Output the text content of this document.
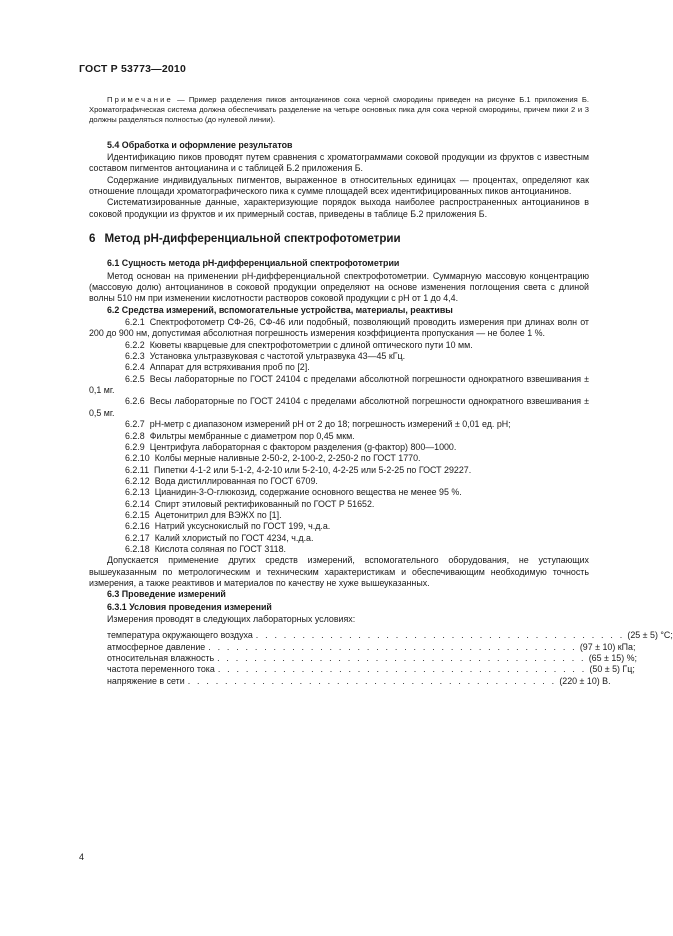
ГОСТ Р 53773—2010

Примечание — Пример разделения пиков антоцианинов сока черной смородины приведен на рисунке Б.1 приложения Б. Хроматографическая система должна обеспечивать разделение на четыре основных пика для сока черной смородины, причем пики 2 и 3 должны разделяться полностью (до нулевой линии).

5.4 Обработка и оформление результатов

Идентификацию пиков проводят путем сравнения с хроматограммами соковой продукции из фруктов с известным составом пигментов антоцианина и с таблицей Б.2 приложения Б.

Содержание индивидуальных пигментов, выраженное в относительных единицах — процентах, определяют как отношение площади хроматографического пика к сумме площадей всех идентифицированных пиков антоцианинов.

Систематизированные данные, характеризующие порядок выхода наиболее распространенных антоцианинов в соковой продукции из фруктов и их примерный состав, приведены в таблице Б.2 приложения Б.

6 Метод рН-дифференциальной спектрофотометрии
6.1 Сущность метода рН-дифференциальной спектрофотометрии

Метод основан на применении рН-дифференциальной спектрофотометрии. Суммарную массовую концентрацию (массовую долю) антоцианинов в соковой продукции определяют на основе изменения поглощения света с длиной волны 510 нм при изменении кислотности растворов соковой продукции с рН от 1 до 4,4.

6.2 Средства измерений, вспомогательные устройства, материалы, реактивы

6.2.1 Спектрофотометр СФ-26, СФ-46 или подобный, позволяющий проводить измерения при длинах волн от 200 до 900 нм, допустимая абсолютная погрешность измерения коэффициента пропускания — не более 1 %.

6.2.2 Кюветы кварцевые для спектрофотометрии с длиной оптического пути 10 мм.

6.2.3 Установка ультразвуковая с частотой ультразвука 43—45 кГц.

6.2.4 Аппарат для встряхивания проб по [2].

6.2.5 Весы лабораторные по ГОСТ 24104 с пределами абсолютной погрешности однократного взвешивания ± 0,1 мг.

6.2.6 Весы лабораторные по ГОСТ 24104 с пределами абсолютной погрешности однократного взвешивания ± 0,5 мг.

6.2.7 рН-метр с диапазоном измерений рН от 2 до 18; погрешность измерений ± 0,01 ед. рН;

6.2.8 Фильтры мембранные с диаметром пор 0,45 мкм.

6.2.9 Центрифуга лабораторная с фактором разделения (g-фактор) 800—1000.

6.2.10 Колбы мерные наливные 2-50-2, 2-100-2, 2-250-2 по ГОСТ 1770.

6.2.11 Пипетки 4-1-2 или 5-1-2, 4-2-10 или 5-2-10, 4-2-25 или 5-2-25 по ГОСТ 29227.

6.2.12 Вода дистиллированная по ГОСТ 6709.

6.2.13 Цианидин-3-О-глюкозид, содержание основного вещества не менее 95 %.

6.2.14 Спирт этиловый ректификованный по ГОСТ Р 51652.

6.2.15 Ацетонитрил для ВЭЖХ по [1].

6.2.16 Натрий уксуснокислый по ГОСТ 199, ч.д.а.

6.2.17 Калий хлористый по ГОСТ 4234, ч.д.а.

6.2.18 Кислота соляная по ГОСТ 3118.

Допускается применение других средств измерений, вспомогательного оборудования, не уступающих вышеуказанным по метрологическим и техническим характеристикам и обеспечивающим необходимую точность измерения, а также реактивов и материалов по качеству не хуже вышеуказанных.

6.3 Проведение измерений
6.3.1 Условия проведения измерений

Измерения проводят в следующих лабораторных условиях:

температура окружающего воздуха . . . . . . . . . . . . . . . . . . . . . . . . . . . . . . . . . . . . . . . . (25 ± 5) °С;
атмосферное давление . . . . . . . . . . . . . . . . . . . . . . . . . . . . . . . . . . . . . . . . (97 ± 10) кПа;
относительная влажность . . . . . . . . . . . . . . . . . . . . . . . . . . . . . . . . . . . . . . . . (65 ± 15) %;
частота переменного тока . . . . . . . . . . . . . . . . . . . . . . . . . . . . . . . . . . . . . . . . (50 ± 5) Гц;
напряжение в сети . . . . . . . . . . . . . . . . . . . . . . . . . . . . . . . . . . . . . . . . (220 ± 10) В.
4
